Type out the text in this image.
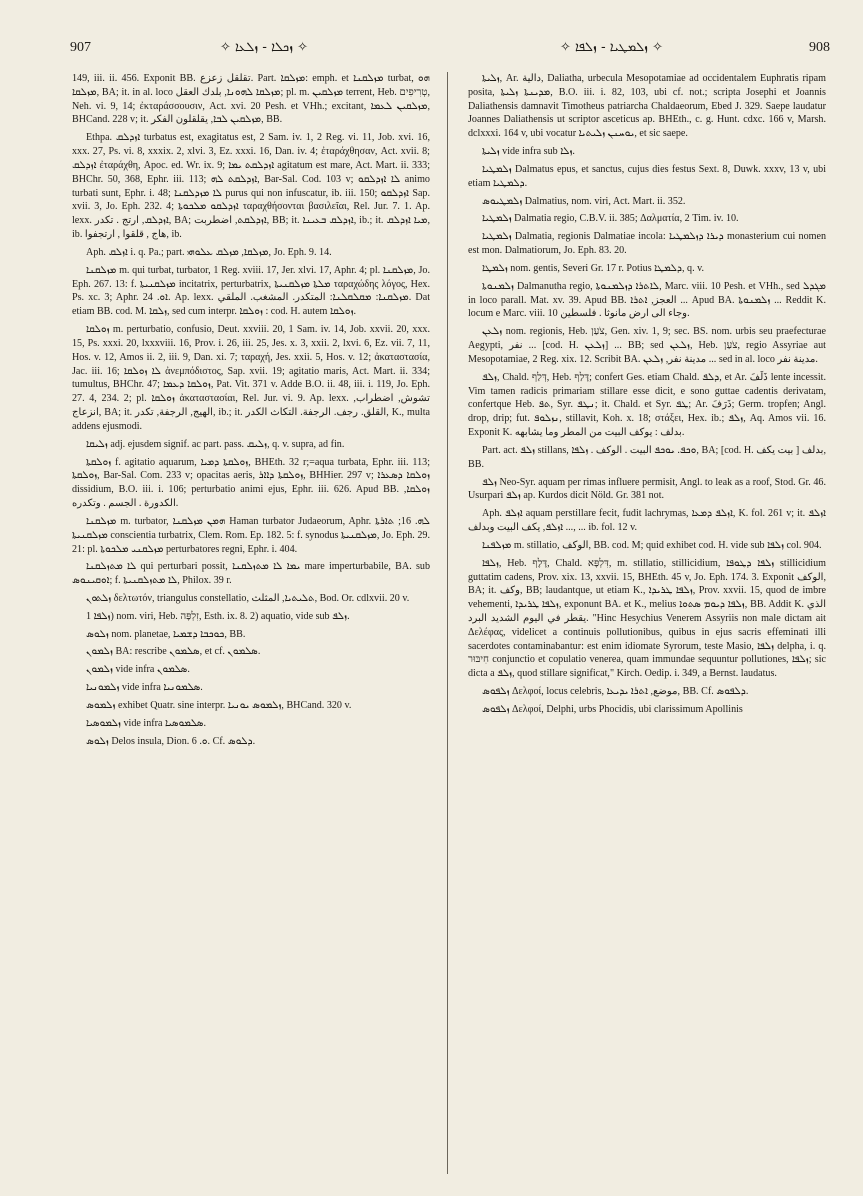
907	✧ ܙܟܠܐ - ܙܠܥܐ ✧	✧ ܙܠܡܛܝܐ - ܙܠܦܐ ✧	908

149, iii. ii. 456. Exponit BB. تقلقل زعزع. Part. ܡܙܠܩܐ: emph. et ܡܙܠܩܢܐ turbat, ܗܘ ܡܙܠܩܐ, BA; it. in al. loco ܡܙܠܩܐ ܠܗܘܢܐ, بلدك العقل; pl. m. ܡܙܠܩܝܢ terrent, Heb. טְרִיפִים, Neh. vi. 9, 14; ἐκταράσσουσιν, Act. xvi. 20 Pesh. et VHh.; excitant, ܡܙܠܩܝܢ ܠܥܡܐ, BHCand. 228 v; it. ܡܙܠܩܝܢ ܠܒܐ, يقلقلون الفكر, BB.

Ethpa. ܐܙܕܠܩ turbatus est, exagitatus est, 2 Sam. iv. 1, 2 Reg. vi. 11, Job. xvi. 16, xxx. 27, Ps. vi. 8, xxxix. 2, xlvi. 3, Ez. xxxi. 16, Dan. iv. 4; ἐταράχθησαν, Act. xvii. 8; ܐܙܕܠܩ ἐταράχθη, Apoc. ed. Wr. ix. 9; ܐܙܕܠܩܬ ܝܡܐ agitatum est mare, Act. Mart. ii. 333; BHChr. 50, 368, Ephr. iii. 113; ܐܙܕܠܩܬ ܠܗ, Bar-Sal. Cod. 103 v; ܠܐ ܐܙܕܠܩܘ animo turbati sunt, Ephr. i. 48; ܠܐ ܡܙܕܠܩܢܐ purus qui non infuscatur, ib. iii. 150; ܐܙܕܠܩܘ Sap. xvii. 3, Jo. Eph. 232. 4; ܐܙܕܠܩܘ ܡܠܟܘܬܐ ταραχθήσονται βασιλεῖαι, Rel. Jur. 7. 1. Ap. lexx. ܐܙܕܠܩ, ارتج . تكدر, BA; ܐܙܕܠܩܬ, اضطربت, BB; it. ܐܙܕܠܩ ܒܥܝܢܐ, ib.; it. ܡܝܐ ܐܙܕܠܩ, ib. هاج , قلقوا , ارتجفوا, ib.

Aph. ܐܙܠܩ i. q. Pa.; part. ܡܙܠܩܐ, ܡܙܠܩ ܥܠܘܗܝ, Jo. Eph. 9. 14.

ܡܙܠܩܢܐ m. qui turbat, turbator, 1 Reg. xviii. 17, Jer. xlvi. 17, Aphr. 4; pl. ܡܙܠܩܢܐ, Jo. Eph. 267. 13: f. ܡܙܠܩܢܝܬܐ incitatrix, perturbatrix, ܡܠܬܐ ܡܙܠܩܢܝܬܐ ταραχώδης λόγος, Hex. Ps. xc. 3; Aphr. ܐܘ. 24. Ap. lexx. ܡܙܠܩܢܐ: ܡܩܠܩܠܢܐ: المتكدر. المشغب. الملقي. Dat etiam BB. cod. M. ܙܠܩܐ, sed cum interpr. ܙܘܠܩܐ : cod. H. autem ܙܘܠܩܐ.

ܙܘܠܩܐ m. perturbatio, confusio, Deut. xxviii. 20, 1 Sam. iv. 14, Job. xxvii. 20, xxx. 15, Ps. xxxi. 20, lxxxviii. 16, Prov. i. 26, iii. 25, Jes. x. 3, xxii. 2, lxvi. 6, Ez. vii. 7, 11, Hos. v. 12, Amos ii. 2, iii. 9, Dan. xi. 7; ταραχή, Jes. xxii. 5, Hos. v. 12; ἀκαταστασία, Jac. iii. 16; ܠܐ ܙܘܠܩܐ ἀνεμπόδιστος, Sap. xvii. 19; agitatio maris, Act. Mart. ii. 334; tumultus, BHChr. 47; ܙܘܠܩܐ ܕܥܡܐ, Pat. Vit. 371 v. Adde B.O. ii. 48, iii. i. 119, Jo. Eph. 27. 4, 234. 2; pl. ܙܘܠܩܐ ἀκαταστασίαι, Rel. Jur. vi. 9. Ap. lexx. تشوش, اضطراب, انزعاج, BA; it. الهيج, الرجفة, تكدر, ib.; it. القلق. رجف. الرجفة. التكاث الكدر, K., multa addens ejusmodi.

ܙܠܝܩܐ adj. ejusdem signif. ac part. pass. ܙܠܝܩ, q. v. supra, ad fin.

ܙܘܠܩܬܐ f. agitatio aquarum, ܙܘܠܩܬܐ ܕܡܝܐ, BHEth. 32 r;=aqua turbata, Ephr. iii. 113; ܙܘܠܩܬܐ, Bar-Sal. Com. 233 v; opacitas aeris, ܙܘܠܩܬܐ ܕܐܐܪ, BHHier. 297 v; ܙܘܠܩܐ ܕܣܥܪܐ dissidium, B.O. iii. i. 106; perturbatio animi ejus, Ephr. iii. 626. Apud BB. ܙܘܠܩܐ, الكدورة . الجسم . وتكدره.

ܡܙܠܩܢܐ m. turbator, ܗܡܢ ܡܙܠܩܢܐ Haman turbator Judaeorum, Aphr. ܠܗ. 16; ܬܐܪܬܐ ܡܙܠܩܢܝܬܐ conscientia turbatrix, Clem. Rom. Ep. 182. 5: f. synodus ܡܙܠܩܢܝܬܐ, Jo. Eph. 29. 21: pl. ܡܙܠܩܢܝ ܡܠܟܘܬܐ perturbatores regni, Ephr. i. 404.

ܠܐ ܡܬܙܠܩܢܐ qui perturbari possit, ܝܡܐ ܠܐ ܡܬܙܠܩܢܐ mare imperturbabile, BA. sub ܐܘܩܝܢܘܣ; f. ܠܐ ܡܬܙܠܩܢܝܬܐ, Philox. 39 r.

ܙܠܬܘܢ δελτωτόν, triangulus constellatio, ܬܠܝܬܝܐ, المثلث, Bod. Or. cdlxvii. 20 v.

ܙܠܦܐ 1) nom. viri, Heb. זִלְפָּה, Esth. ix. 8. 2) aquatio, vide sub ܙܠܦ.

ܙܠܘܣ nom. planetae, ܟܘܟܒܐ ܕܫܡܝܐ, BB.

ܙܠܡܘܢ BA: rescribe ܣܠܡܘܢ, et cf. ܣܠܡܘܢ.

ܙܠܡܘܢ vide infra ܣܠܡܘܢ.

ܙܠܡܘܢܝܐ vide infra ܣܠܡܘܢܝܐ.

ܙܠܡܘܣ exhibet Quatr. sine interpr. ܙܠܡܘܣ ܝܘܢܝܐ, BHCand. 320 v.

ܙܠܡܘܣܝܐ vide infra ܣܠܡܘܣܝܐ.

ܙܠܘܣ Delos insula, Dion. ܘ. 6. Cf. ܕܠܘܣ.

ܙܠܝܬܐ, Ar. دالية, Daliatha, urbecula Mesopotamiae ad occidentalem Euphratis ripam posita, ܡܕܝܢܬܐ ܙܠܝܬܐ, B.O. iii. i. 82, 103, ubi cf. not.; scripta Josephi et Joannis Daliathensis damnavit Timotheus patriarcha Chaldaeorum, Ebed J. 329. Saepe laudatur Joannes Daliathensis ut scriptor asceticus ap. BHEth., c. g. Hunt. cdxc. 166 v, Marsh. dclxxxi. 164 v, ubi vocatur ܝܘܚܢܢ ܙܠܝܬܝܐ, et sic saepe.

ܙܠܝܬܐ vide infra sub ܙܠܐ.

ܙܠܡܛܝܐ Dalmatus epus, et sanctus, cujus dies festus Sext. 8, Duwk. xxxv, 13 v, ubi etiam ܕܠܡܛܝܐ.

ܙܠܡܛܝܘܣ Dalmatius, nom. viri, Act. Mart. ii. 352.

ܙܠܡܛܝܐ Dalmatia regio, C.B.V. ii. 385; Δαλματία, 2 Tim. iv. 10.

ܙܠܡܛܝܐ Dalmatia, regionis Dalmatiae incola: ܕܝܪܐ ܕܙܠܡܛܝܐ monasterium cui nomen est mon. Dalmatiorum, Jo. Eph. 83. 20.

ܙܠܡܛܐ nom. gentis, Severi Gr. 17 r. Potius ܕܠܡܛܐ, q. v.

ܙܠܡܢܘܬܐ Dalmanutha regio, ܠܐܬܪܐ ܕܙܠܡܢܘܬܐ, Marc. viii. 10 Pesh. et VHh., sed ܡܓܕܠ in loco parall. Mat. xv. 39. Apud BB. العجز, ܐܬܪܐ ... Apud BA. ܙܠܡܢܘܬܐ ... Reddit K. locum e Marc. viii. 10 وجاء الى ارض مانوثا . فلسطين.

ܙܠܥܢ nom. regionis, Heb. צֹעַן, Gen. xiv. 1, 9; sec. BS. nom. urbis seu praefecturae Aegypti, نفر ... [cod. H. ܙܠܥܢ] ... BB; sed ܙܠܥܢ, Heb. צֹעַן, regio Assyriae aut Mesopotamiae, 2 Reg. xix. 12. Scribit BA. مدينة نفر, ܙܠܥܢ ... sed in al. loco مدينة نفر.

ܙܠܦ, Chald. דְּלַף, Heb. דָּלַף; confert Ges. etiam Chald. ܕܠܦ, et Ar. ذَلَفَ lente incessit. Vim tamen radicis primariam stillare esse dicit, e sono guttae cadentis derivatam, confertque Heb. ܬܦ, Syr. ܢܛܦ; it. Chald. et Syr. ܛܦ; Ar. ذَرَفَ; Germ. tropfen; Angl. drop, drip; fut. ܢܙܠܘܦ, stillavit, Koh. x. 18; στάξει, Hex. ib.; ܙܠܦ, Aq. Amos vii. 16. Exponit K. بدلف : يوكف البيت من المطر وما يشابهه.

Part. act. ܙܠܦ stillans, ܘܟܦ. ܝܘܟܦ البيت . الوكف . ܙܠܦܐ, BA; [cod. H. بيت يكف ] بدلف, BB.

ܙܠܦ Neo-Syr. aquam per rimas influere permisit, Angl. to leak as a roof, Stod. Gr. 46. Usurpari ܙܠܦ ap. Kurdos dicit Nöld. Gr. 381 not.

Aph. ܐܙܠܦ aquam perstillare fecit, fudit lachrymas, ܐܙܠܦ ܕܡܥܐ, K. fol. 261 v; it. ܐܙܠܦ ... ܐܙܠܦ, يكف البيت وبدلف, ... ib. fol. 12 v.

ܡܙܠܦܢܐ m. stillatio, الوكف, BB. cod. M; quid exhibet cod. H. vide sub ܙܠܦܐ col. 904.

ܙܠܦܐ, Heb. דֶּלֶף, Chald. דִּלְפָּא, m. stillatio, stillicidium, ܙܠܦܐ ܕܛܘܦܐ stillicidium guttatim cadens, Prov. xix. 13, xxvii. 15, BHEth. 45 v, Jo. Eph. 174. 3. Exponit الوكف, BA; it. وكف, BB; laudantque, ut etiam K., ܙܠܦܐ ܛܪܝܕܐ, Prov. xxvii. 15, quod de imbre vehementi, ܙܠܦܐ ܛܪܝܕܐ, exponunt BA. et K., melius ܙܠܦܐ ܕܝܘܡ ܣܬܘܐ, BB. Addit K. الذي يقطر في اليوم الشديد البرد. "Hinc Hesychius Venerem Assyriis non male dictam ait Δελέφας, videlicet a continuis pollutionibus, quibus in ejus sacris effeminati illi sacerdotes contaminabantur: est enim idiomate Syrorum, teste Masio, ܙܠܦܐ delpha, i. q. חִיבּוּר conjunctio et copulatio venerea, quam immundae sequuntur pollutiones, ܙܠܦܐ; sic dicta a ܙܠܦ, quod stillare significat," Kirch. Oedip. i. 349, a Bernst. laudatus.

ܙܠܦܘܣ Δελφοί, locus celebris, موضع, ܐܬܪܐ ܝܕܝܥܐ, BB. Cf. ܕܠܦܘܣ.

ܙܠܦܘܣ Δελφοί, Delphi, urbs Phocidis, ubi clarissimum Apollinis
